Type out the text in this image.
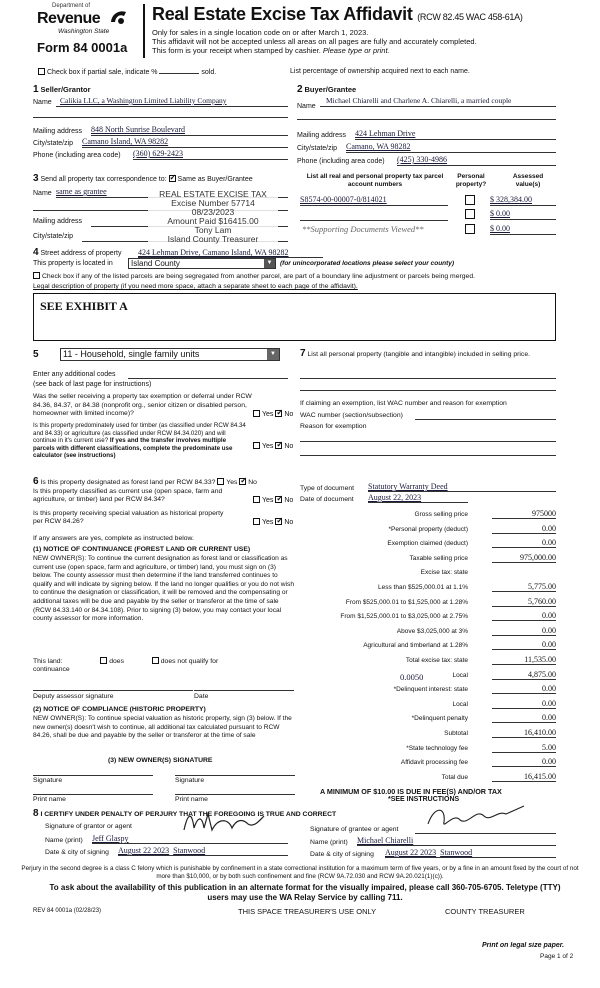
Department of
Revenue
Washington State
Form 84 0001a
Real Estate Excise Tax Affidavit (RCW 82.45 WAC 458-61A)
Only for sales in a single location code on or after March 1, 2023.
This affidavit will not be accepted unless all areas on all pages are fully and accurately completed.
This form is your receipt when stamped by cashier. Please type or print.
Check box if partial sale, indicate %	sold.	List percentage of ownership acquired next to each name.
1 Seller/Grantor
Name	Calikia LLC, a Washington Limited Liability Company
Mailing address 848 North Sunrise Boulevard
City/state/zip Camano Island, WA 98282
Phone (including area code) (360) 629-2423
2 Buyer/Grantee
Name
Michael Chiarelli and Charlene A. Chiarelli, a married couple
Mailing address 424 Lehman Drive
City/state/zip Camano, WA 98282
Phone (including area code) (425) 330-4986
3 Send all property tax correspondence to: ✓ Same as Buyer/Grantee
Name same as grantee
Mailing address
City/state/zip
REAL ESTATE EXCISE TAX
Excise Number 57714
08/23/2023
Amount Paid $16415.00
Tony Lam
Island County Treasurer
List all real and personal property tax parcel account numbers
Personal property?
Assessed value(s)
S8574-00-00007-0/814021	$ 328,384.00
$ 0.00
**Supporting Documents Viewed**	$ 0.00
4 Street address of property 424 Lehman Drive, Camano Island, WA 98282
This property is located in	Island County	▼	(for unincorporated locations please select your county)
Check box if any of the listed parcels are being segregated from another parcel, are part of a boundary line adjustment or parcels being merged.
Legal description of property (if you need more space, attach a separate sheet to each page of the affidavit).
SEE EXHIBIT A
5	11 - Household, single family units	▼
Enter any additional codes
(see back of last page for instructions)
Was the seller receiving a property tax exemption or deferral under RCW 84.36, 84.37, or 84.38 (nonprofit org., senior citizen or disabled person, homeowner with limited income)?	Yes ✓ No
Is this property predominately used for timber (as classified under RCW 84.34 and 84.33) or agriculture (as classified under RCW 84.34.020) and will continue in it's current use? If yes and the transfer involves multiple parcels with different classifications, complete the predominate use calculator (see instructions)
Yes ✓ No
7 List all personal property (tangible and intangible) included in selling price.
If claiming an exemption, list WAC number and reason for exemption
WAC number (section/subsection)
Reason for exemption
6 Is this property designated as forest land per RCW 84.33? Yes ✓ No
Is this property classified as current use (open space, farm and agriculture, or timber) land per RCW 84.34?	Yes ✓ No
Is this property receiving special valuation as historical property per RCW 84.26?	Yes ✓ No
If any answers are yes, complete as instructed below.
(1) NOTICE OF CONTINUANCE (FOREST LAND OR CURRENT USE)
NEW OWNER(S): To continue the current designation as forest land or classification as current use (open space, farm and agriculture, or timber) land, you must sign on (3) below. The county assessor must then determine if the land transferred continues to qualify and will indicate by signing below. If the land no longer qualifies or you do not wish to continue the designation or classification, it will be removed and the compensating or additional taxes will be due and payable by the seller or transferor at the time of sale (RCW 84.33.140 or 84.34.108). Prior to signing (3) below, you may contact your local county assessor for more information.
This land:	does	does not qualify for
continuance
Deputy assessor signature	Date
(2) NOTICE OF COMPLIANCE (HISTORIC PROPERTY)
NEW OWNER(S): To continue special valuation as historic property, sign (3) below. If the new owner(s) doesn't wish to continue, all additional tax calculated pursuant to RCW 84.26, shall be due and payable by the seller or transferor at the time of sale
(3) NEW OWNER(S) SIGNATURE
Signature	Signature
Print name	Print name
Type of document Statutory Warranty Deed
Date of document August 22, 2023
Gross selling price	975000
*Personal property (deduct)	0.00
Exemption claimed (deduct)	0.00
Taxable selling price	975,000.00
Excise tax: state
Less than $525,000.01 at 1.1%	5,775.00
From $525,000.01 to $1,525,000 at 1.28%	5,760.00
From $1,525,000.01 to $3,025,000 at 2.75%	0.00
Above $3,025,000 at 3%	0.00
Agricultural and timberland at 1.28%	0.00
Total excise tax: state	11,535.00
Local	4,875.00
*Delinquent interest: state	0.00
Local	0.00
*Delinquent penalty	0.00
Subtotal	16,410.00
*State technology fee	5.00
Affidavit processing fee	0.00
Total due	16,415.00
0.0050
A MINIMUM OF $10.00 IS DUE IN FEE(S) AND/OR TAX
*SEE INSTRUCTIONS
8 I CERTIFY UNDER PENALTY OF PERJURY THAT THE FOREGOING IS TRUE AND CORRECT
Signature of grantor or agent
Name (print) Jeff Glaspy
Date & city of signing August 22 2023 Stanwood
Signature of grantee or agent
Name (print) Michael Chiarelli
Date & city of signing August 22 2023 Stanwood
Perjury in the second degree is a class C felony which is punishable by confinement in a state correctional institution for a maximum term of five years, or by a fine in an amount fixed by the court of not more than $10,000, or by both such confinement and fine (RCW 9A.72.030 and RCW 9A.20.021(1)(c)).
To ask about the availability of this publication in an alternate format for the visually impaired, please call 360-705-6705. Teletype (TTY) users may use the WA Relay Service by calling 711.
REV 84 0001a (02/28/23)	THIS SPACE TREASURER'S USE ONLY	COUNTY TREASURER
Print on legal size paper.
Page 1 of 2
